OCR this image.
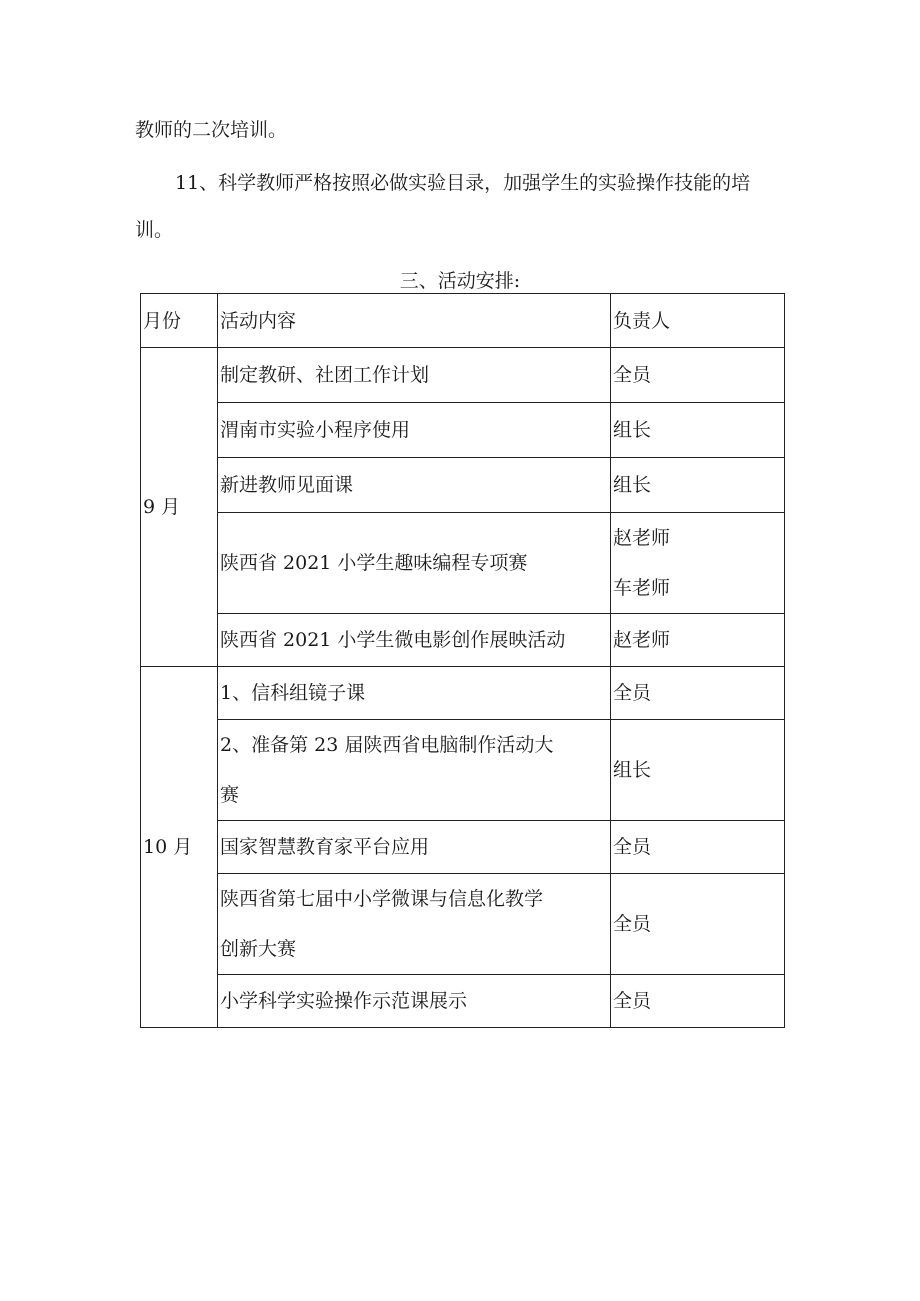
教师的二次培训。

11、科学教师严格按照必做实验目录，加强学生的实验操作技能的培

训。

三、活动安排:
月份	活动内容	负责人
9 月	制定教研、社团工作计划	全员
	渭南市实验小程序使用	组长
	新进教师见面课	组长
	陕西省 2021 小学生趣味编程专项赛	赵老师
车老师

	陕西省 2021 小学生微电影创作展映活动	赵老师
10 月	1、信科组镜子课	全员

	2、准备第 23 届陕西省电脑制作活动大
赛	组长
	国家智慧教育家平台应用	全员

	陕西省第七届中小学微课与信息化教学
创新大赛	全员
	小学科学实验操作示范课展示	全员
